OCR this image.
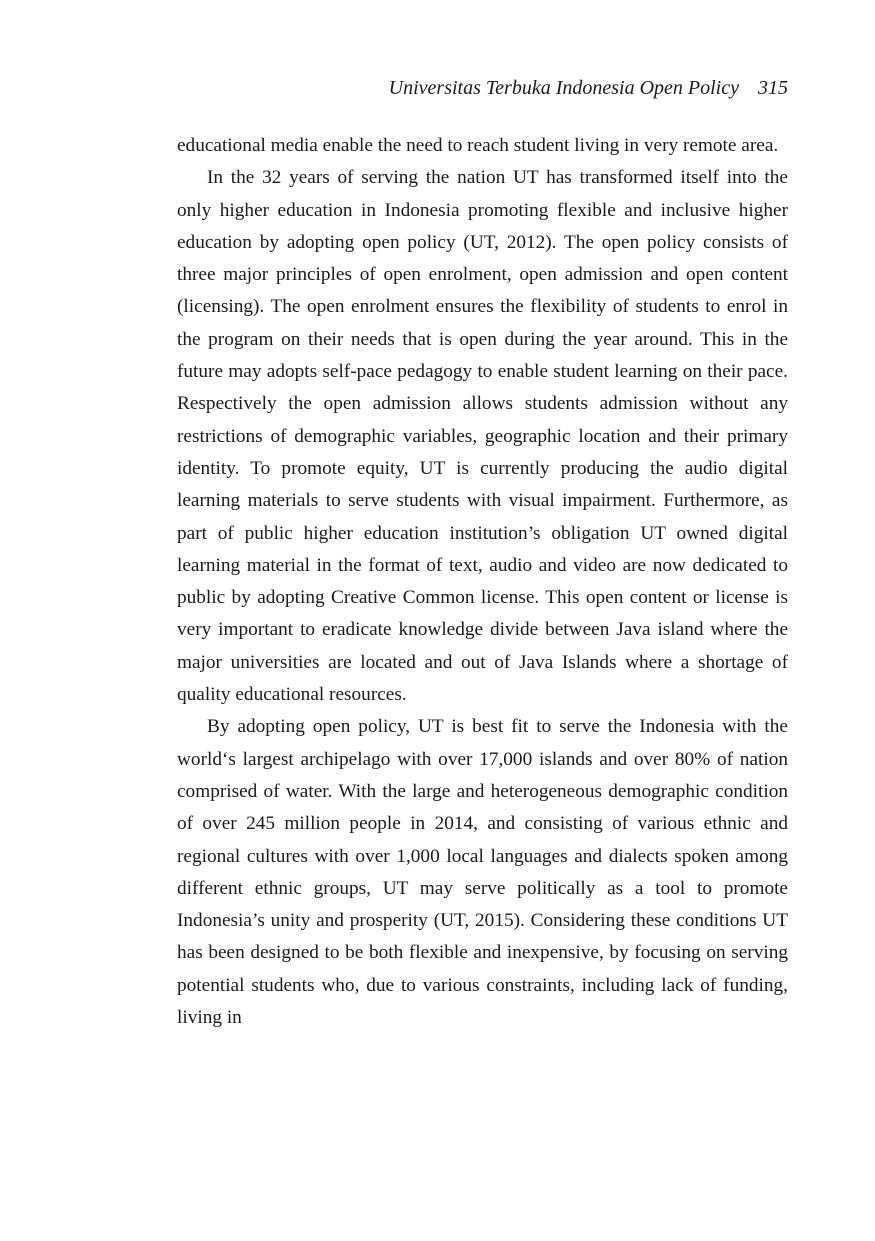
Universitas Terbuka Indonesia Open Policy 315

educational media enable the need to reach student living in very remote area.

In the 32 years of serving the nation UT has transformed itself into the only higher education in Indonesia promoting flexible and inclusive higher education by adopting open policy (UT, 2012). The open policy consists of three major principles of open enrolment, open admission and open content (licensing). The open enrolment ensures the flexibility of students to enrol in the program on their needs that is open during the year around. This in the future may adopts self-pace pedagogy to enable student learning on their pace. Respectively the open admission allows students admission without any restrictions of demographic variables, geographic location and their primary identity. To promote equity, UT is currently producing the audio digital learning materials to serve students with visual impairment. Furthermore, as part of public higher education institution’s obligation UT owned digital learning material in the format of text, audio and video are now dedicated to public by adopting Creative Common license. This open content or license is very important to eradicate knowledge divide between Java island where the major universities are located and out of Java Islands where a shortage of quality educational resources.

By adopting open policy, UT is best fit to serve the Indonesia with the world‘s largest archipelago with over 17,000 islands and over 80% of nation comprised of water. With the large and heterogeneous demographic condition of over 245 million people in 2014, and consisting of various ethnic and regional cultures with over 1,000 local languages and dialects spoken among different ethnic groups, UT may serve politically as a tool to promote Indonesia’s unity and prosperity (UT, 2015). Considering these conditions UT has been designed to be both flexible and inexpensive, by focusing on serving potential students who, due to various constraints, including lack of funding, living in
